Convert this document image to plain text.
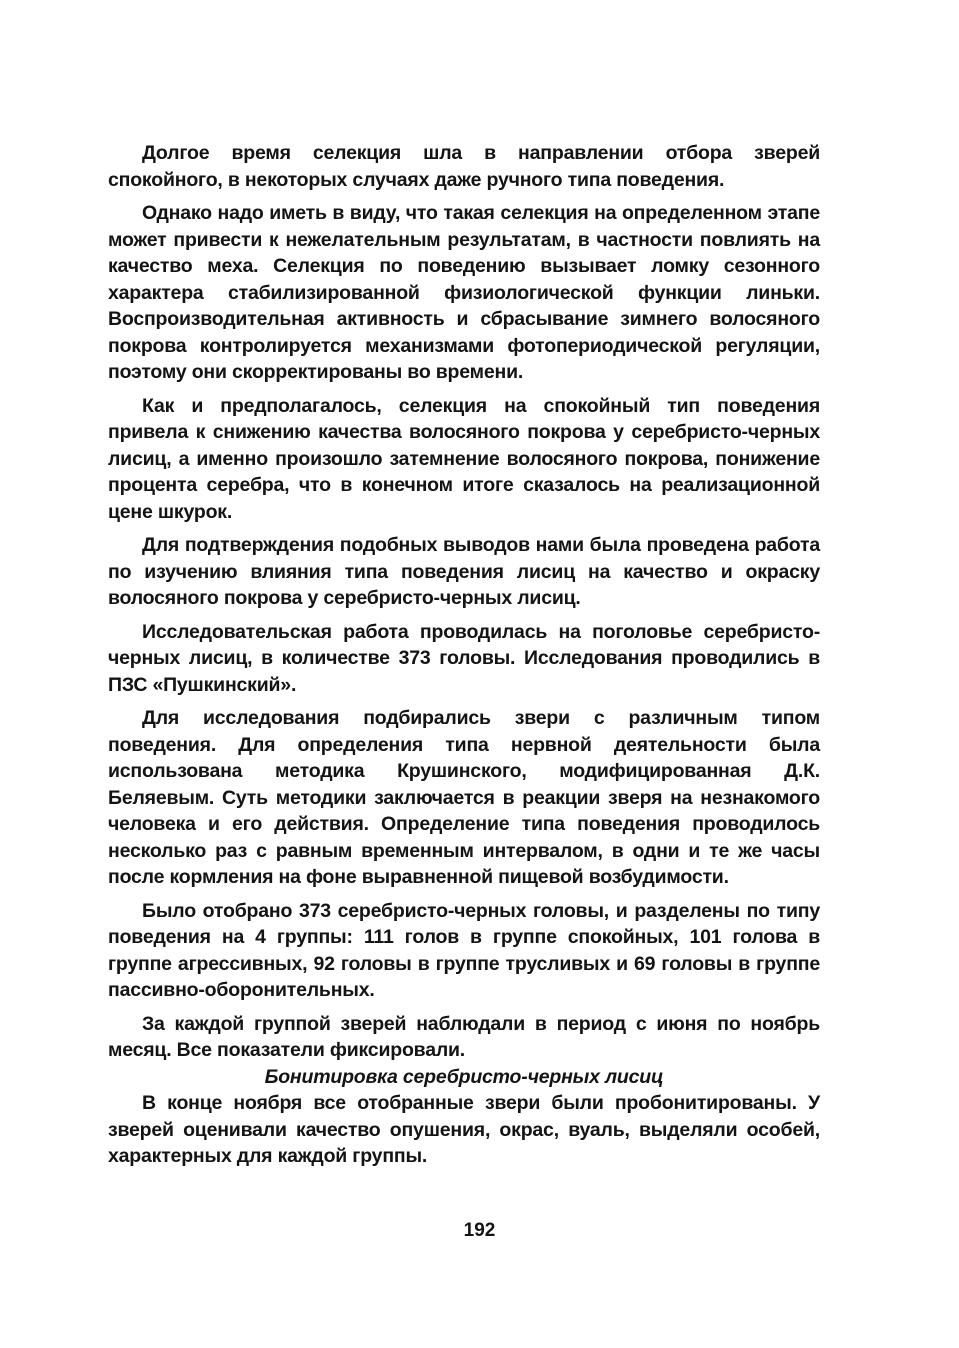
Долгое время селекция шла в направлении отбора зверей спокойного, в некоторых случаях даже ручного типа поведения.

Однако надо иметь в виду, что такая селекция на определенном этапе может привести к нежелательным результатам, в частности повлиять на качество меха. Селекция по поведению вызывает ломку сезонного характера стабилизированной физиологической функции линьки. Воспроизводительная активность и сбрасывание зимнего волосяного покрова контролируется механизмами фотопериодической регуляции, поэтому они скорректированы во времени.

Как и предполагалось, селекция на спокойный тип поведения привела к снижению качества волосяного покрова у серебристо-черных лисиц, а именно произошло затемнение волосяного покрова, понижение процента серебра, что в конечном итоге сказалось на реализационной цене шкурок.

Для подтверждения подобных выводов нами была проведена работа по изучению влияния типа поведения лисиц на качество и окраску волосяного покрова у серебристо-черных лисиц.

Исследовательская работа проводилась на поголовье серебристо-черных лисиц, в количестве 373 головы. Исследования проводились в ПЗС «Пушкинский».

Для исследования подбирались звери с различным типом поведения. Для определения типа нервной деятельности была использована методика Крушинского, модифицированная Д.К. Беляевым. Суть методики заключается в реакции зверя на незнакомого человека и его действия. Определение типа поведения проводилось несколько раз с равным временным интервалом, в одни и те же часы после кормления на фоне выравненной пищевой возбудимости.

Было отобрано 373 серебристо-черных головы, и разделены по типу поведения на 4 группы: 111 голов в группе спокойных, 101 голова в группе агрессивных, 92 головы в группе трусливых и 69 головы в группе пассивно-оборонительных.

За каждой группой зверей наблюдали в период с июня по ноябрь месяц. Все показатели фиксировали.

Бонитировка серебристо-черных лисиц

В конце ноября все отобранные звери были пробонитированы. У зверей оценивали качество опушения, окрас, вуаль, выделяли особей, характерных для каждой группы.

192
